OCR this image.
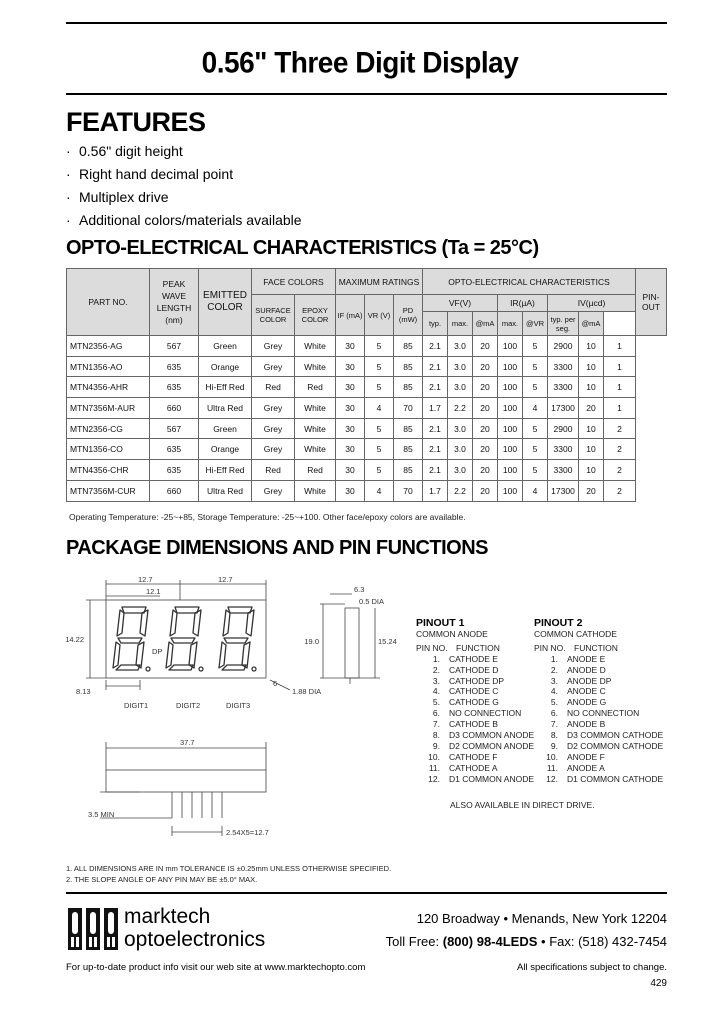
0.56" Three Digit Display
FEATURES
· 0.56" digit height
· Right hand decimal point
· Multiplex drive
· Additional colors/materials available
OPTO-ELECTRICAL CHARACTERISTICS (Ta = 25°C)
PART NO.	PEAK WAVE LENGTH (nm)	EMITTED COLOR	FACE COLORS		MAXIMUM RATINGS			OPTO-ELECTRICAL CHARACTERISTICS								PIN-OUT
			SURFACE COLOR	EPOXY COLOR	IF (mA)	VR (V)	PD (mW)	VF(V)			IR(µA)		IV(µcd)			
								typ.	max.	@mA	max.	@VR	typ. per seg.	@mA		
MTN2356-AG	567	Green	Grey	White	30	5	85	2.1	3.0	20	100	5	2900	10	1	
MTN1356-AO	635	Orange	Grey	White	30	5	85	2.1	3.0	20	100	5	3300	10	1	
MTN4356-AHR	635	Hi-Eff Red	Red	Red	30	5	85	2.1	3.0	20	100	5	3300	10	1	
MTN7356M-AUR	660	Ultra Red	Grey	White	30	4	70	1.7	2.2	20	100	4	17300	20	1	
MTN2356-CG	567	Green	Grey	White	30	5	85	2.1	3.0	20	100	5	2900	10	2	
MTN1356-CO	635	Orange	Grey	White	30	5	85	2.1	3.0	20	100	5	3300	10	2	
MTN4356-CHR	635	Hi-Eff Red	Red	Red	30	5	85	2.1	3.0	20	100	5	3300	10	2	
MTN7356M-CUR	660	Ultra Red	Grey	White	30	4	70	1.7	2.2	20	100	4	17300	20	2	
Operating Temperature: -25~+85, Storage Temperature: -25~+100. Other face/epoxy colors are available.
PACKAGE DIMENSIONS AND PIN FUNCTIONS
12.7	12.7
12.1
14.22
DP
19.0	15.24
6.3
0.5 DIA
8.13
6
1.88 DIA
DIGIT1	DIGIT2	DIGIT3
37.7
3.5 MIN
2.54X5=12.7
PINOUT 1
COMMON ANODE
PIN NO. FUNCTION
1.	CATHODE E
2.	CATHODE D
3.	CATHODE DP
4.	CATHODE C
5.	CATHODE G
6.	NO CONNECTION
7.	CATHODE B
8.	D3 COMMON ANODE
9.	D2 COMMON ANODE
10.	CATHODE F
11.	CATHODE A
12.	D1 COMMON ANODE
PINOUT 2
COMMON CATHODE
PIN NO. FUNCTION
1.	ANODE E
2.	ANODE D
3.	ANODE DP
4.	ANODE C
5.	ANODE G
6.	NO CONNECTION
7.	ANODE B
8.	D3 COMMON CATHODE
9.	D2 COMMON CATHODE
10.	ANODE F
11.	ANODE A
12.	D1 COMMON CATHODE
ALSO AVAILABLE IN DIRECT DRIVE.
1. ALL DIMENSIONS ARE IN mm TOLERANCE IS ±0.25mm UNLESS OTHERWISE SPECIFIED.
2. THE SLOPE ANGLE OF ANY PIN MAY BE ±5.0° MAX.
marktech
optoelectronics
120 Broadway • Menands, New York 12204
Toll Free: (800) 98-4LEDS • Fax: (518) 432-7454
For up-to-date product info visit our web site at www.marktechopto.com	All specifications subject to change.
429
